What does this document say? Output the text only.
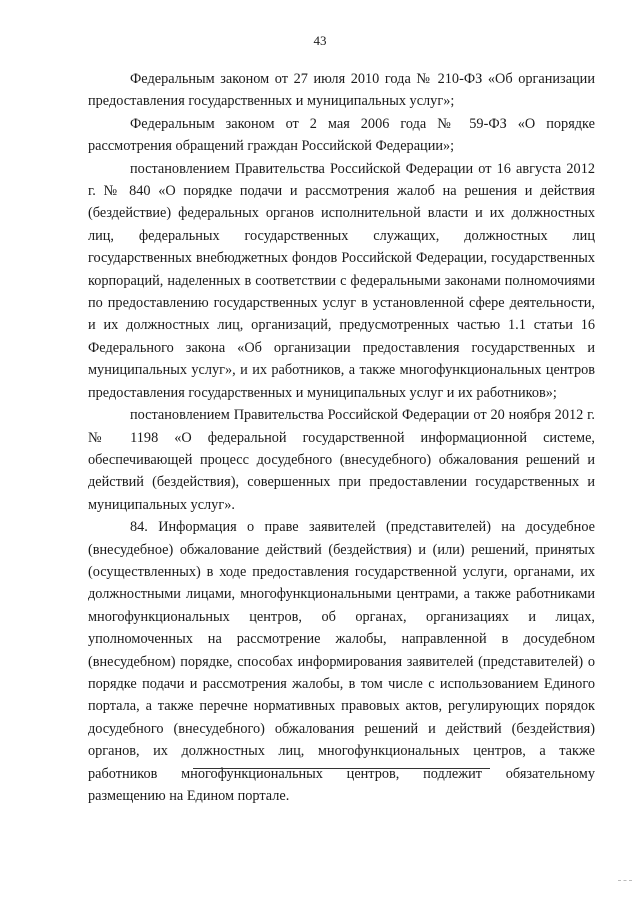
43

Федеральным законом от 27 июля 2010 года № 210-ФЗ «Об организации предоставления государственных и муниципальных услуг»;

Федеральным законом от 2 мая 2006 года № 59-ФЗ «О порядке рассмотрения обращений граждан Российской Федерации»;

постановлением Правительства Российской Федерации от 16 августа 2012 г. № 840 «О порядке подачи и рассмотрения жалоб на решения и действия (бездействие) федеральных органов исполнительной власти и их должностных лиц, федеральных государственных служащих, должностных лиц государственных внебюджетных фондов Российской Федерации, государственных корпораций, наделенных в соответствии с федеральными законами полномочиями по предоставлению государственных услуг в установленной сфере деятельности, и их должностных лиц, организаций, предусмотренных частью 1.1 статьи 16 Федерального закона «Об организации предоставления государственных и муниципальных услуг», и их работников, а также многофункциональных центров предоставления государственных и муниципальных услуг и их работников»;

постановлением Правительства Российской Федерации от 20 ноября 2012 г. № 1198 «О федеральной государственной информационной системе, обеспечивающей процесс досудебного (внесудебного) обжалования решений и действий (бездействия), совершенных при предоставлении государственных и муниципальных услуг».

84. Информация о праве заявителей (представителей) на досудебное (внесудебное) обжалование действий (бездействия) и (или) решений, принятых (осуществленных) в ходе предоставления государственной услуги, органами, их должностными лицами, многофункциональными центрами, а также работниками многофункциональных центров, об органах, организациях и лицах, уполномоченных на рассмотрение жалобы, направленной в досудебном (внесудебном) порядке, способах информирования заявителей (представителей) о порядке подачи и рассмотрения жалобы, в том числе с использованием Единого портала, а также перечне нормативных правовых актов, регулирующих порядок досудебного (внесудебного) обжалования решений и действий (бездействия) органов, их должностных лиц, многофункциональных центров, а также работников многофункциональных центров, подлежит обязательному размещению на Едином портале.
